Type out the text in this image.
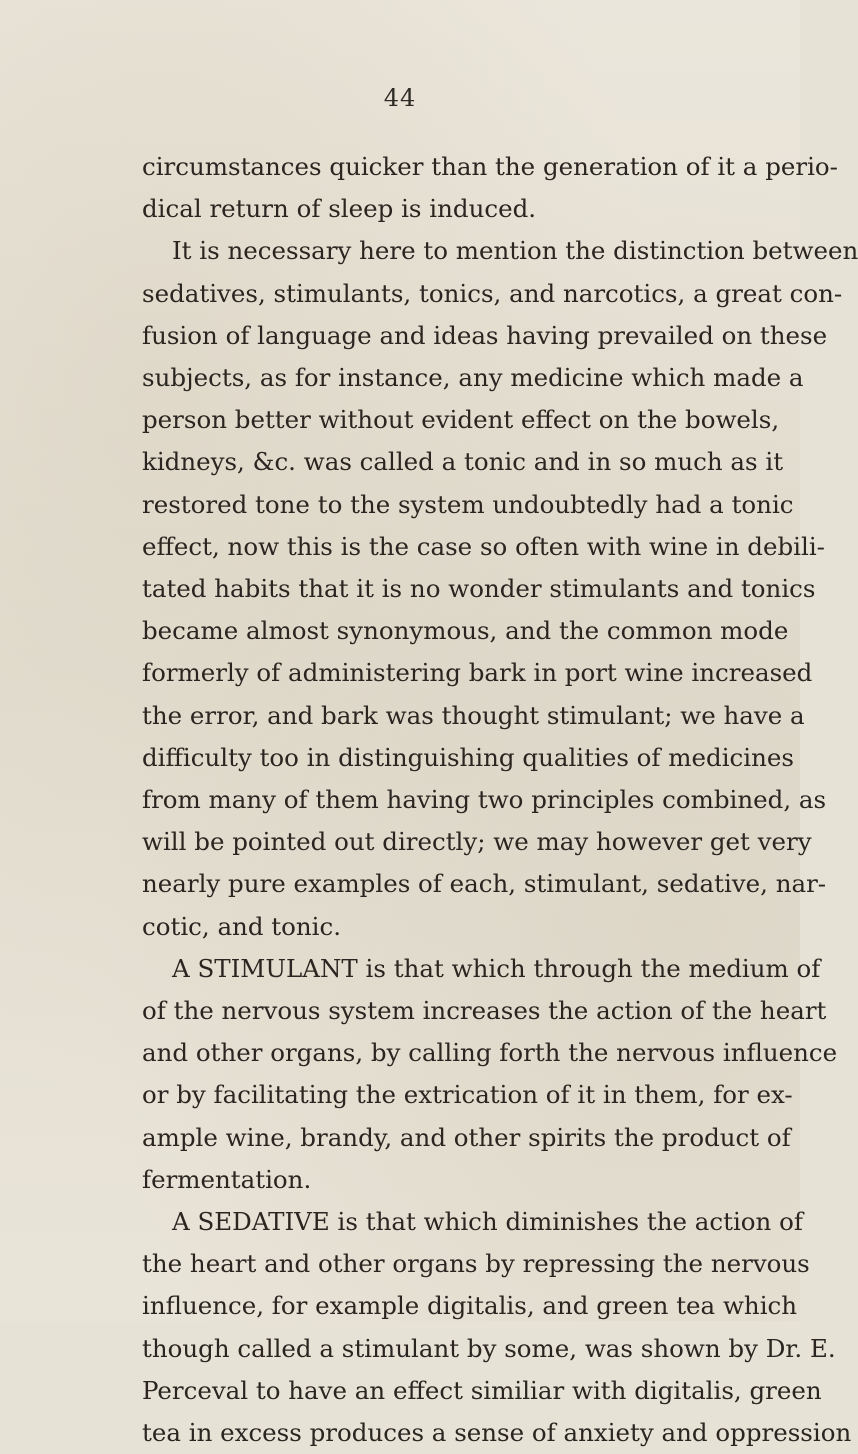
44
circumstances quicker than the generation of it a perio-
dical return of sleep is induced.
It is necessary here to mention the distinction between
sedatives, stimulants, tonics, and narcotics, a great con-
fusion of language and ideas having prevailed on these
subjects, as for instance, any medicine which made a
person better without evident effect on the bowels,
kidneys, &c. was called a tonic and in so much as it
restored tone to the system undoubtedly had a tonic
effect, now this is the case so often with wine in debili-
tated habits that it is no wonder stimulants and tonics
became almost synonymous, and the common mode
formerly of administering bark in port wine increased
the error, and bark was thought stimulant; we have a
difficulty too in distinguishing qualities of medicines
from many of them having two principles combined, as
will be pointed out directly; we may however get very
nearly pure examples of each, stimulant, sedative, nar-
cotic, and tonic.
A STIMULANT is that which through the medium of
of the nervous system increases the action of the heart
and other organs, by calling forth the nervous influence
or by facilitating the extrication of it in them, for ex-
ample wine, brandy, and other spirits the product of
fermentation.
A SEDATIVE is that which diminishes the action of
the heart and other organs by repressing the nervous
influence, for example digitalis, and green tea which
though called a stimulant by some, was shown by Dr. E.
Perceval to have an effect similiar with digitalis, green
tea in excess produces a sense of anxiety and oppression
